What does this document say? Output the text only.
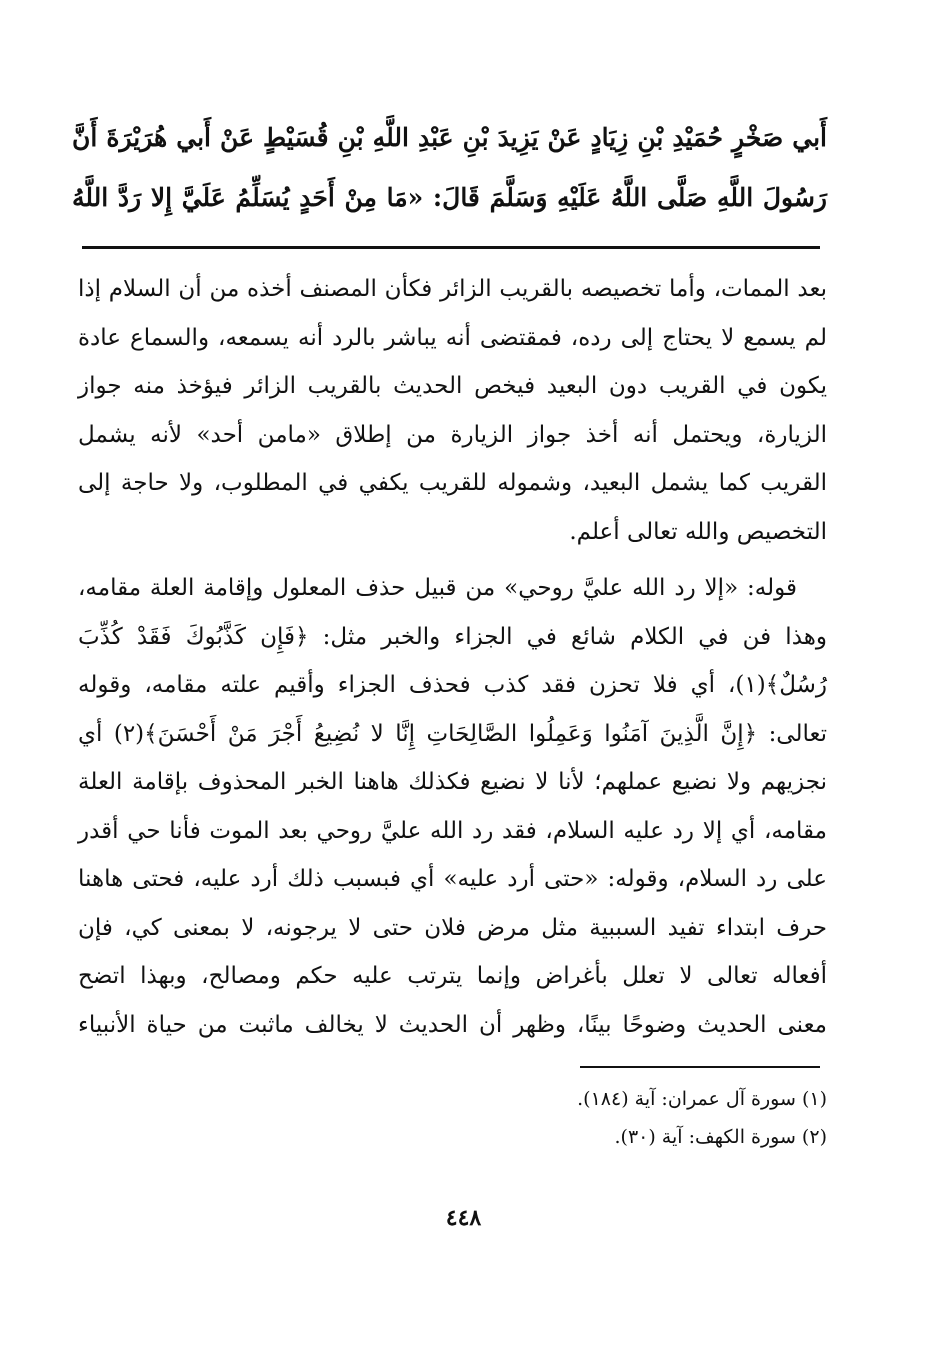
أَبي صَخْرٍ حُمَيْدِ بْنِ زِيَادٍ عَنْ يَزِيدَ بْنِ عَبْدِ اللَّهِ بْنِ قُسَيْطٍ عَنْ أَبي هُرَيْرَةَ أَنَّ
رَسُولَ اللَّهِ صَلَّى اللَّهُ عَلَيْهِ وَسَلَّمَ قَالَ: «مَا مِنْ أَحَدٍ يُسَلِّمُ عَلَيَّ إِلا رَدَّ اللَّهُ
بعد الممات، وأما تخصيصه بالقريب الزائر فكأن المصنف أخذه من أن السلام إذا
لم يسمع لا يحتاج إلى رده، فمقتضى أنه يباشر بالرد أنه يسمعه، والسماع عادة
يكون في القريب دون البعيد فيخص الحديث بالقريب الزائر فيؤخذ منه جواز
الزيارة، ويحتمل أنه أخذ جواز الزيارة من إطلاق «مامن أحد» لأنه يشمل
القريب كما يشمل البعيد، وشموله للقريب يكفي في المطلوب، ولا حاجة إلى
التخصيص والله تعالى أعلم.
قوله: «إلا رد الله عليَّ روحي» من قبيل حذف المعلول وإقامة العلة مقامه،
وهذا فن في الكلام شائع في الجزاء والخبر مثل: ﴿فَإِن كَذَّبُوكَ فَقَدْ كُذِّبَ
رُسُلٌ﴾(١)، أي فلا تحزن فقد كذب فحذف الجزاء وأقيم علته مقامه، وقوله
تعالى: ﴿إِنَّ الَّذِينَ آمَنُوا وَعَمِلُوا الصَّالِحَاتِ إِنَّا لا نُضِيعُ أَجْرَ مَنْ أَحْسَنَ﴾(٢) أي
نجزيهم ولا نضيع عملهم؛ لأنا لا نضيع فكذلك هاهنا الخبر المحذوف بإقامة العلة
مقامه، أي إلا رد عليه السلام، فقد رد الله عليَّ روحي بعد الموت فأنا حي أقدر
على رد السلام، وقوله: «حتى أرد عليه» أي فبسبب ذلك أرد عليه، فحتى هاهنا
حرف ابتداء تفيد السببية مثل مرض فلان حتى لا يرجونه، لا بمعنى كي، فإن
أفعاله تعالى لا تعلل بأغراض وإنما يترتب عليه حكم ومصالح، وبهذا اتضح
معنى الحديث وضوحًا بينًا، وظهر أن الحديث لا يخالف ماثبت من حياة الأنبياء
(١) سورة آل عمران: آية (١٨٤).
(٢) سورة الكهف: آية (٣٠).
٤٤٨
